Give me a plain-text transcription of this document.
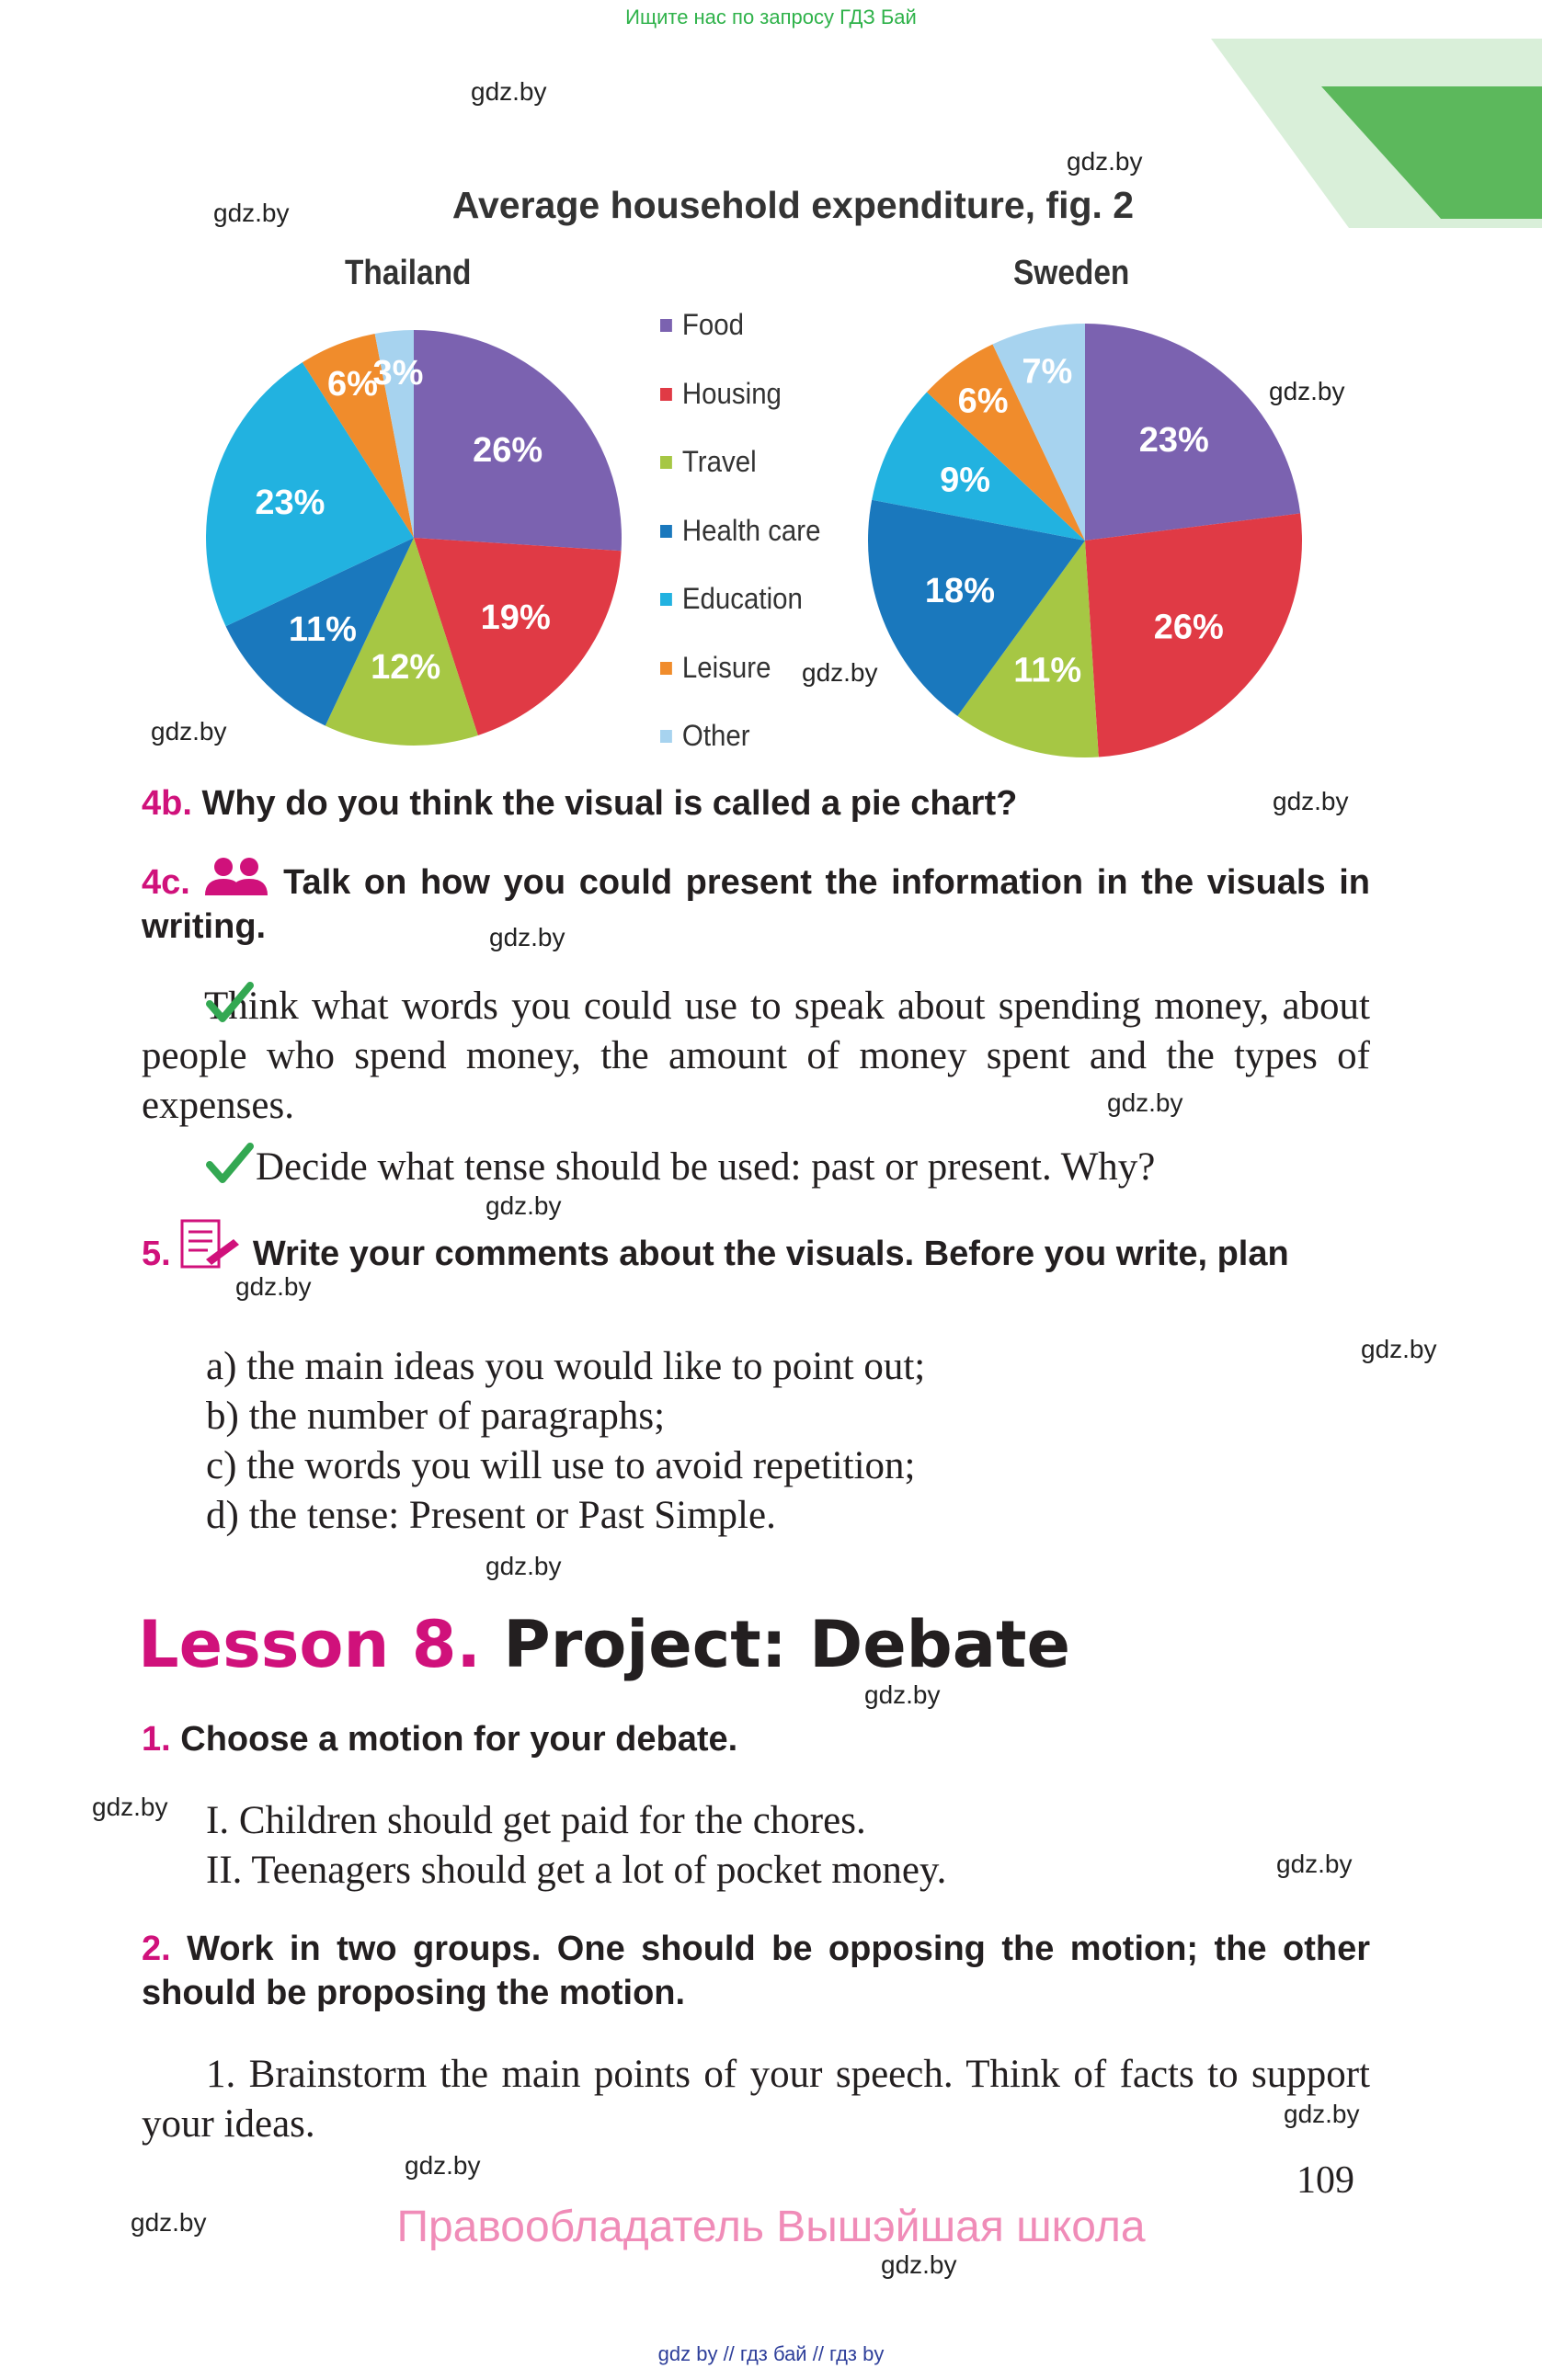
Ищите нас по запросу ГДЗ Бай
gdz.by
gdz.by
gdz.by
gdz.by
gdz.by
gdz.by
gdz.by
gdz.by
gdz.by
gdz.by
gdz.by
gdz.by
gdz.by
gdz.by
gdz.by
gdz.by
gdz.by
gdz.by
gdz.by
gdz.by
Average household expenditure, fig. 2
Thailand	Sweden
26%
19%
12%
11%
23%
6%
3%
23%
26%
11%
18%
9%
6%
7%
Food
Housing
Travel
Health care
Education
Leisure
Other
4b. Why do you think the visual is called a pie chart?
4c.	Talk on how you could present the information in the visuals in writing.
Think what words you could use to speak about spending money, about people who spend money, the amount of money spent and the types of expenses.
Decide what tense should be used: past or present. Why?
5. Write your comments about the visuals. Before you write, plan
a) the main ideas you would like to point out;
b) the number of paragraphs;
c) the words you will use to avoid repetition;
d) the tense: Present or Past Simple.
Lesson 8. Project: Debate
1. Choose a motion for your debate.
I. Children should get paid for the chores.
II. Teenagers should get a lot of pocket money.
2. Work in two groups. One should be opposing the motion; the other should be proposing the motion.
1. Brainstorm the main points of your speech. Think of facts to support your ideas.
109
Правообладатель Вышэйшая школа
gdz by // гдз бай // гдз by
